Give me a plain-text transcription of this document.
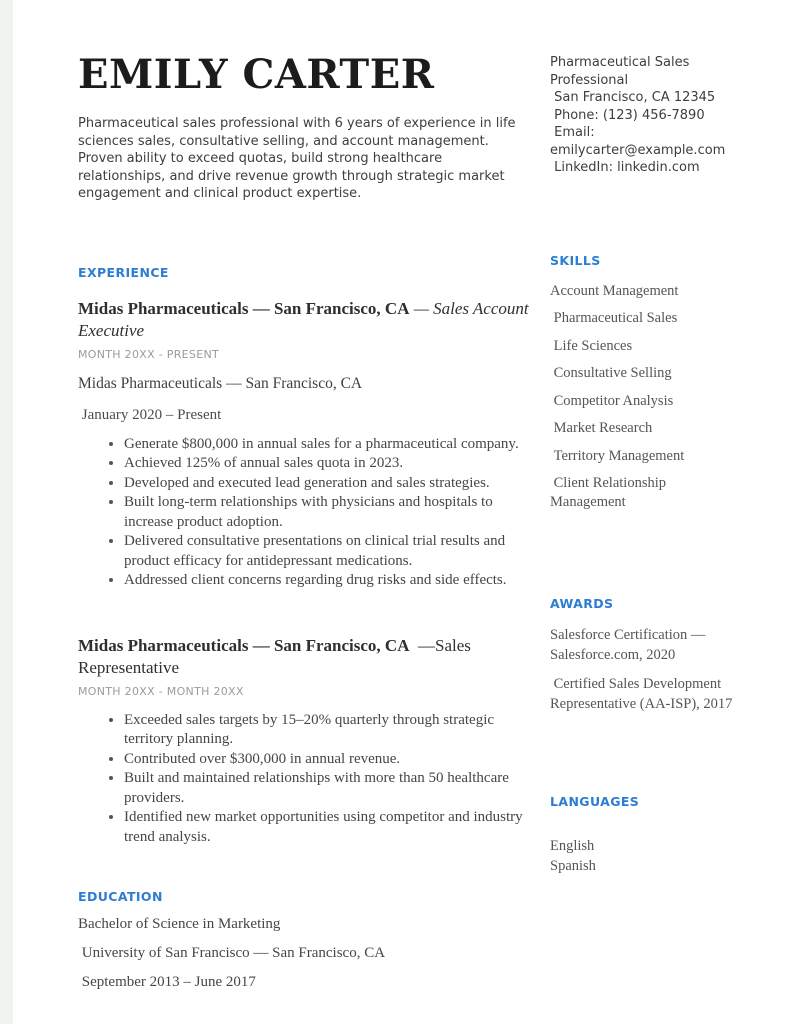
EMILY CARTER
Pharmaceutical sales professional with 6 years of experience in life sciences sales, consultative selling, and account management. Proven ability to exceed quotas, build strong healthcare relationships, and drive revenue growth through strategic market engagement and clinical product expertise.
EXPERIENCE
Midas Pharmaceuticals — San Francisco, CA — Sales Account Executive
MONTH 20XX - PRESENT
Midas Pharmaceuticals — San Francisco, CA
January 2020 – Present
• Generate $800,000 in annual sales for a pharmaceutical company.
• Achieved 125% of annual sales quota in 2023.
• Developed and executed lead generation and sales strategies.
• Built long-term relationships with physicians and hospitals to increase product adoption.
• Delivered consultative presentations on clinical trial results and product efficacy for antidepressant medications.
• Addressed client concerns regarding drug risks and side effects.
Midas Pharmaceuticals — San Francisco, CA  —Sales Representative
MONTH 20XX - MONTH 20XX
• Exceeded sales targets by 15–20% quarterly through strategic territory planning.
• Contributed over $300,000 in annual revenue.
• Built and maintained relationships with more than 50 healthcare providers.
• Identified new market opportunities using competitor and industry trend analysis.
EDUCATION
Bachelor of Science in Marketing
University of San Francisco — San Francisco, CA
September 2013 – June 2017
Pharmaceutical Sales Professional
San Francisco, CA 12345
Phone: (123) 456-7890
Email: emilycarter@example.com
LinkedIn: linkedin.com
SKILLS
Account Management
Pharmaceutical Sales
Life Sciences
Consultative Selling
Competitor Analysis
Market Research
Territory Management
Client Relationship Management
AWARDS
Salesforce Certification — Salesforce.com, 2020
Certified Sales Development Representative (AA-ISP), 2017
LANGUAGES
English
Spanish
